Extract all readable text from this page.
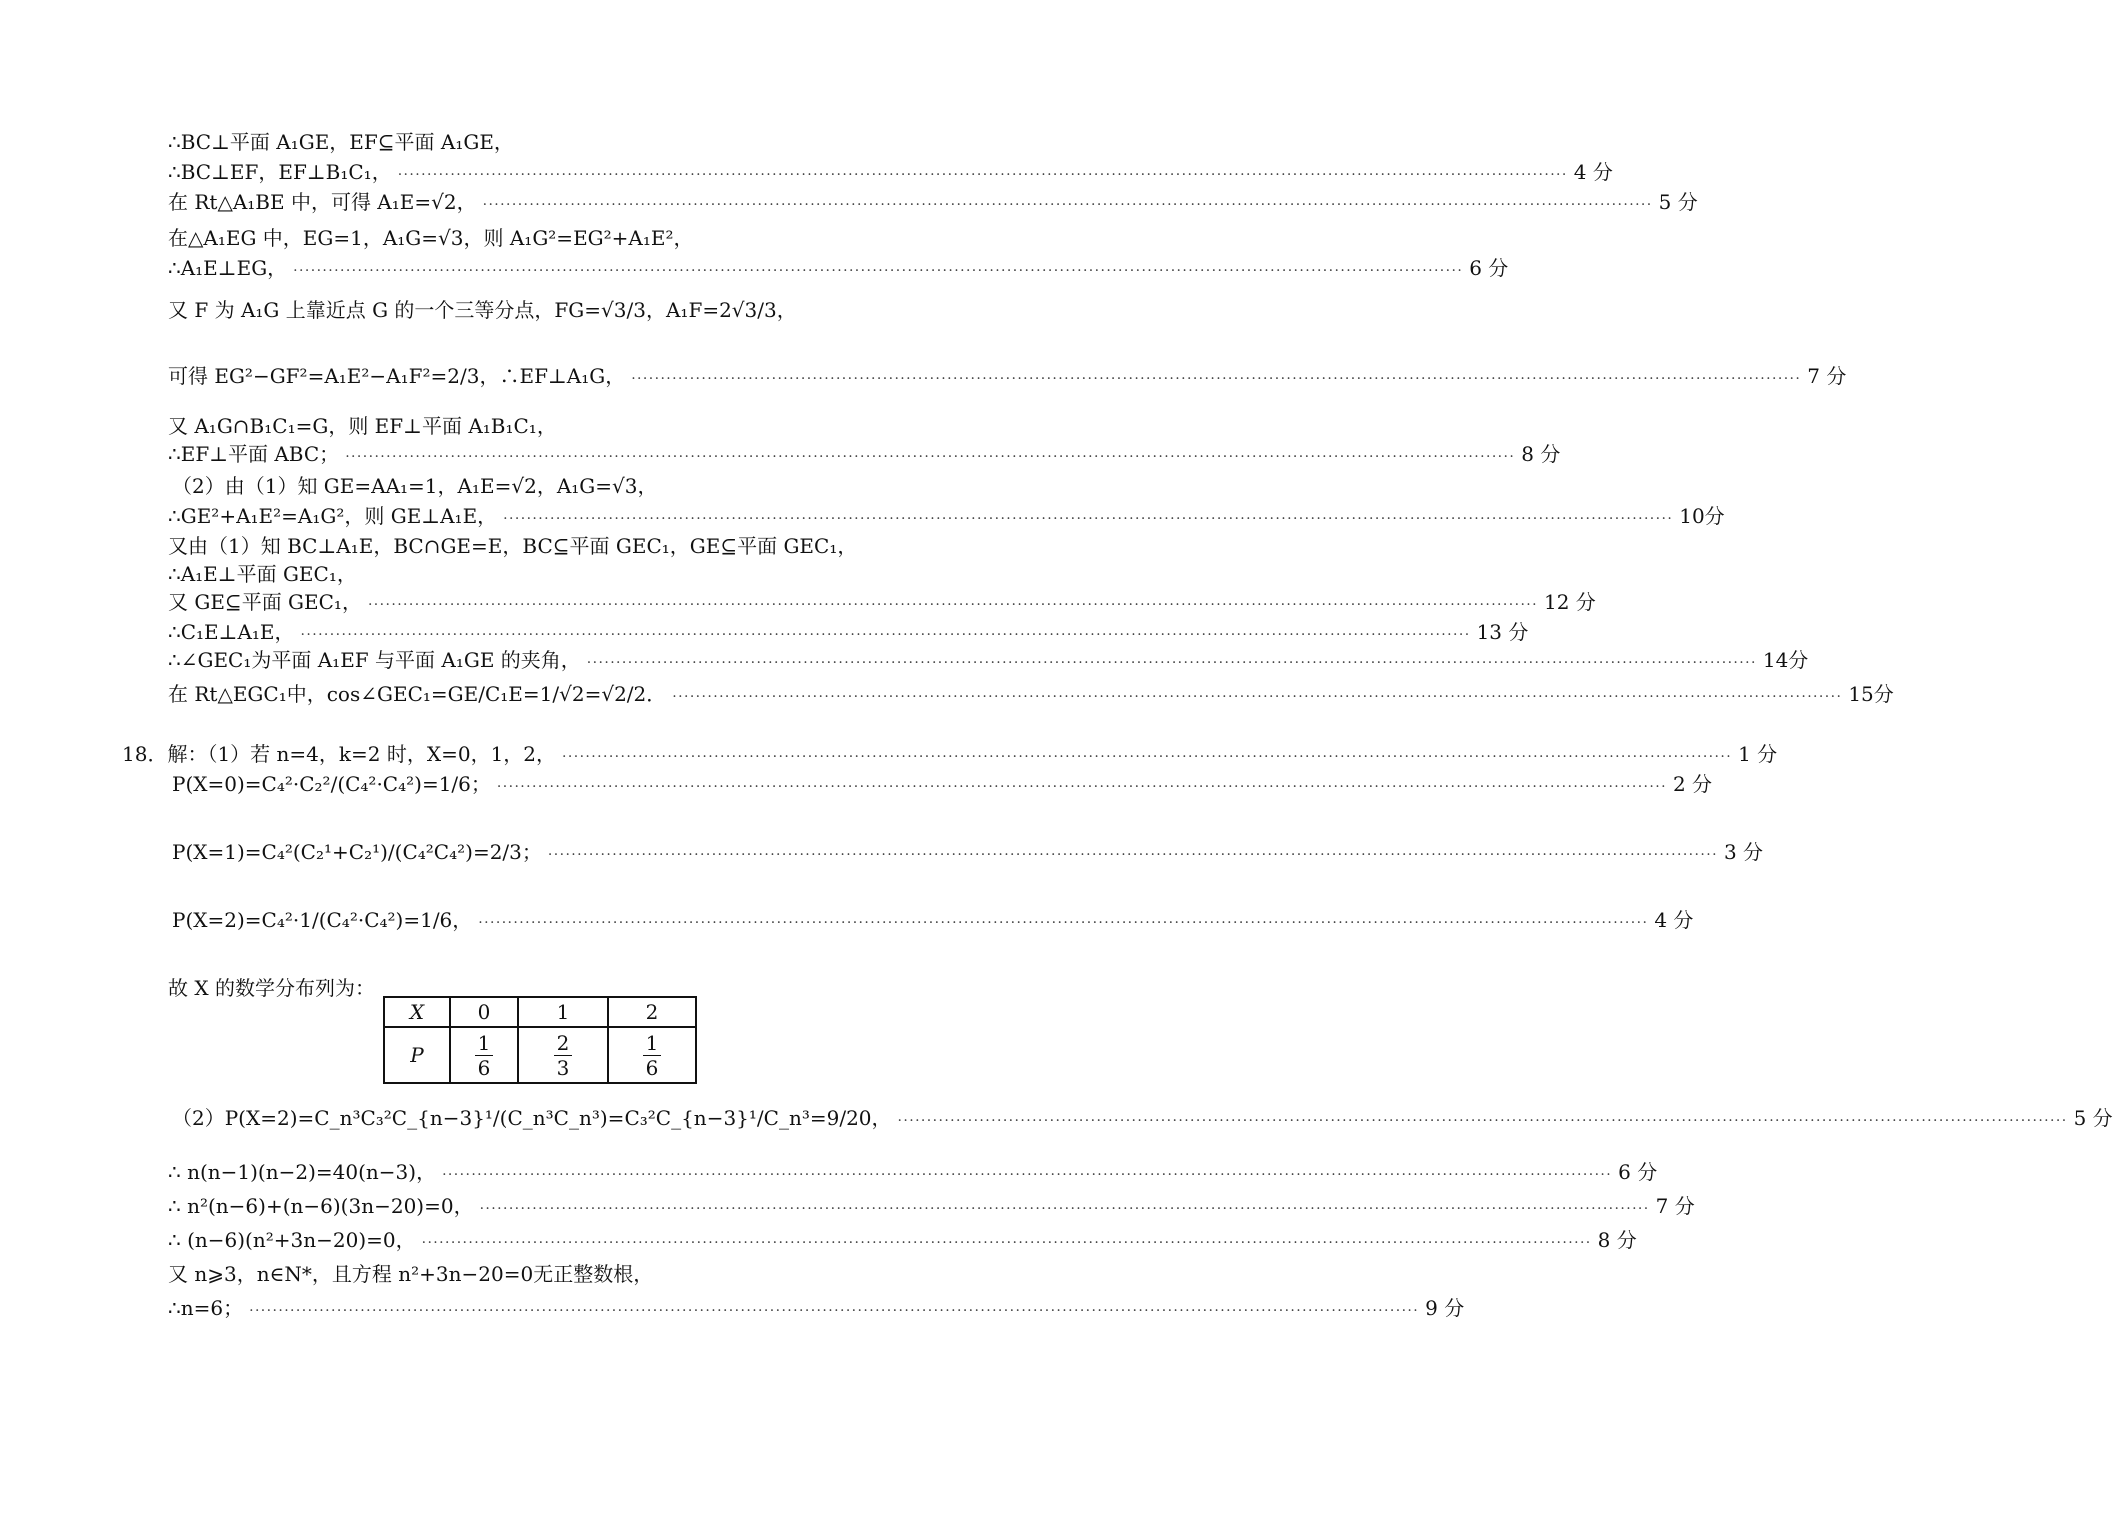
∴BC⊥平面 A₁GE，EF⊆平面 A₁GE，
∴BC⊥EF，EF⊥B₁C₁， ········································································································································································································ 4 分
在 Rt△A₁BE 中，可得 A₁E=√2， ········································································································································································································ 5 分
在△A₁EG 中，EG=1，A₁G=√3，则 A₁G²=EG²+A₁E²，
∴A₁E⊥EG， ········································································································································································································ 6 分
又 F 为 A₁G 上靠近点 G 的一个三等分点，FG=√3/3，A₁F=2√3/3，
可得 EG²−GF²=A₁E²−A₁F²=2/3，∴EF⊥A₁G， ········································································································································································································ 7 分
又 A₁G∩B₁C₁=G，则 EF⊥平面 A₁B₁C₁，
∴EF⊥平面 ABC； ········································································································································································································ 8 分
（2）由（1）知 GE=AA₁=1，A₁E=√2，A₁G=√3，
∴GE²+A₁E²=A₁G²，则 GE⊥A₁E， ········································································································································································································ 10分
又由（1）知 BC⊥A₁E，BC∩GE=E，BC⊆平面 GEC₁，GE⊆平面 GEC₁，
∴A₁E⊥平面 GEC₁，
又 GE⊆平面 GEC₁， ········································································································································································································ 12 分
∴C₁E⊥A₁E， ········································································································································································································ 13 分
∴∠GEC₁为平面 A₁EF 与平面 A₁GE 的夹角， ········································································································································································································ 14分
在 Rt△EGC₁中，cos∠GEC₁=GE/C₁E=1/√2=√2/2． ········································································································································································································ 15分
18．解：（1）若 n=4，k=2 时，X=0，1，2， ········································································································································································································ 1 分
P(X=0)=C₄²·C₂²/(C₄²·C₄²)=1/6； ········································································································································································································ 2 分
P(X=1)=C₄²(C₂¹+C₂¹)/(C₄²C₄²)=2/3； ········································································································································································································ 3 分
P(X=2)=C₄²·1/(C₄²·C₄²)=1/6， ········································································································································································································ 4 分
故 X 的数学分布列为：
（2）P(X=2)=C_n³C₃²C_{n−3}¹/(C_n³C_n³)=C₃²C_{n−3}¹/C_n³=9/20， ········································································································································································································ 5 分
∴ n(n−1)(n−2)=40(n−3)， ········································································································································································································ 6 分
∴ n²(n−6)+(n−6)(3n−20)=0， ········································································································································································································ 7 分
∴ (n−6)(n²+3n−20)=0， ········································································································································································································ 8 分
又 n⩾3，n∈N*，且方程 n²+3n−20=0无正整数根，
∴n=6； ········································································································································································································ 9 分
X	0	1	2
P	$\frac{1}{6}$	$\frac{2}{3}$	$\frac{1}{6}$
